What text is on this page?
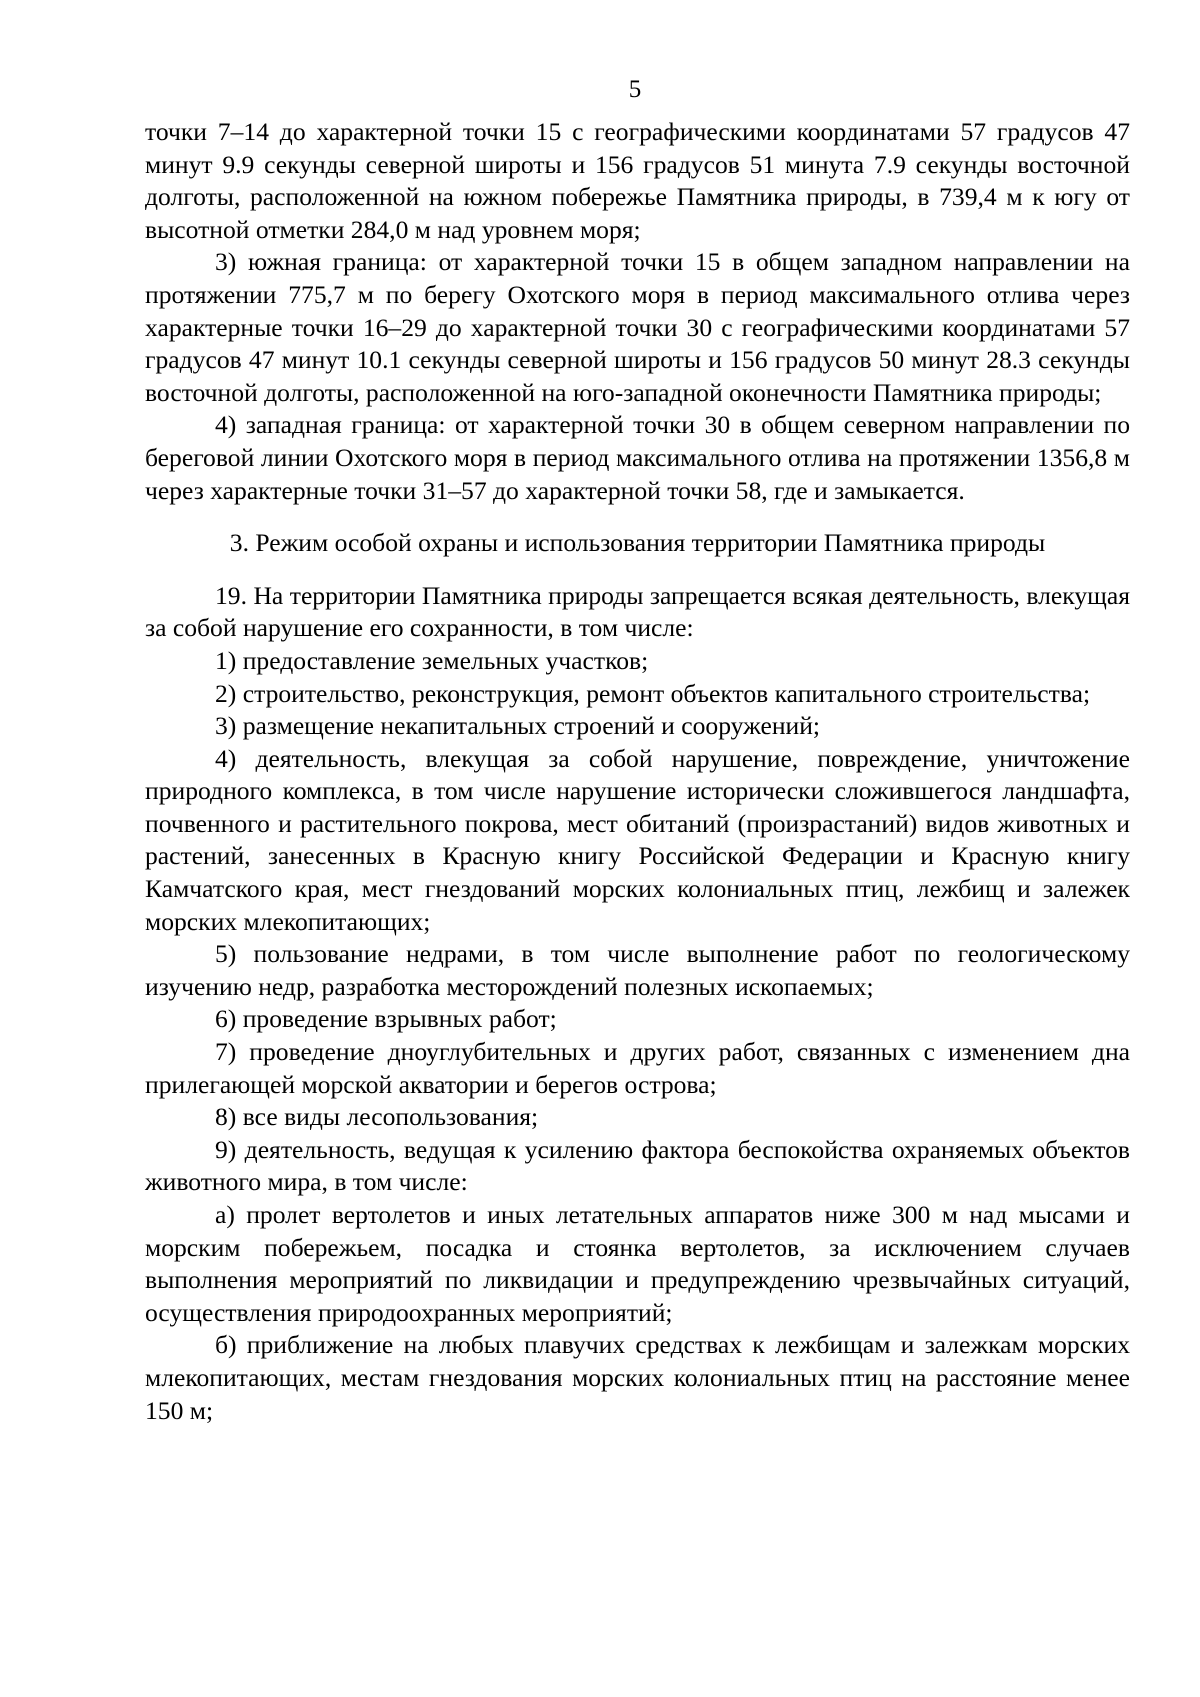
5

точки 7–14 до характерной точки 15 с географическими координатами 57 градусов 47 минут 9.9 секунды северной широты и 156 градусов 51 минута 7.9 секунды восточной долготы, расположенной на южном побережье Памятника природы, в 739,4 м к югу от высотной отметки 284,0 м над уровнем моря;

3) южная граница: от характерной точки 15 в общем западном направлении на протяжении 775,7 м по берегу Охотского моря в период максимального отлива через характерные точки 16–29 до характерной точки 30 с географическими координатами 57 градусов 47 минут 10.1 секунды северной широты и 156 градусов 50 минут 28.3 секунды восточной долготы, расположенной на юго-западной оконечности Памятника природы;

4) западная граница: от характерной точки 30 в общем северном направлении по береговой линии Охотского моря в период максимального отлива на протяжении 1356,8 м через характерные точки 31–57 до характерной точки 58, где и замыкается.

3. Режим особой охраны и использования территории Памятника природы

19. На территории Памятника природы запрещается всякая деятельность, влекущая за собой нарушение его сохранности, в том числе:

1) предоставление земельных участков;

2) строительство, реконструкция, ремонт объектов капитального строительства;

3) размещение некапитальных строений и сооружений;

4) деятельность, влекущая за собой нарушение, повреждение, уничтожение природного комплекса, в том числе нарушение исторически сложившегося ландшафта, почвенного и растительного покрова, мест обитаний (произрастаний) видов животных и растений, занесенных в Красную книгу Российской Федерации и Красную книгу Камчатского края, мест гнездований морских колониальных птиц, лежбищ и залежек морских млекопитающих;

5) пользование недрами, в том числе выполнение работ по геологическому изучению недр, разработка месторождений полезных ископаемых;

6) проведение взрывных работ;

7) проведение дноуглубительных и других работ, связанных с изменением дна прилегающей морской акватории и берегов острова;

8) все виды лесопользования;

9) деятельность, ведущая к усилению фактора беспокойства охраняемых объектов животного мира, в том числе:

а) пролет вертолетов и иных летательных аппаратов ниже 300 м над мысами и морским побережьем, посадка и стоянка вертолетов, за исключением случаев выполнения мероприятий по ликвидации и предупреждению чрезвычайных ситуаций, осуществления природоохранных мероприятий;

б) приближение на любых плавучих средствах к лежбищам и залежкам морских млекопитающих, местам гнездования морских колониальных птиц на расстояние менее 150 м;
